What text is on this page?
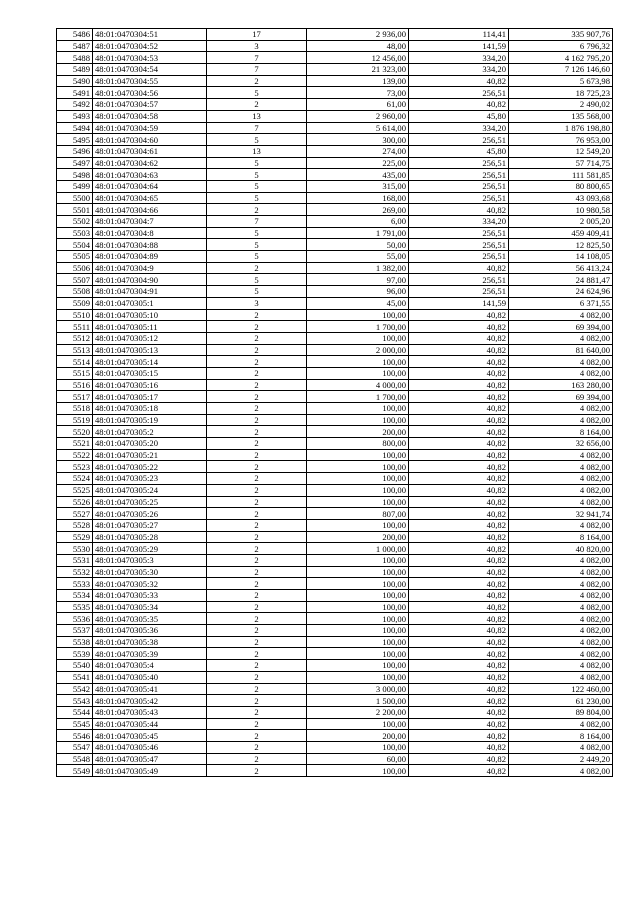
5486	48:01:0470304:51	17	2 936,00	114,41	335 907,76
5487	48:01:0470304:52	3	48,00	141,59	6 796,32
5488	48:01:0470304:53	7	12 456,00	334,20	4 162 795,20
5489	48:01:0470304:54	7	21 323,00	334,20	7 126 146,60
5490	48:01:0470304:55	2	139,00	40,82	5 673,98
5491	48:01:0470304:56	5	73,00	256,51	18 725,23
5492	48:01:0470304:57	2	61,00	40,82	2 490,02
5493	48:01:0470304:58	13	2 960,00	45,80	135 568,00
5494	48:01:0470304:59	7	5 614,00	334,20	1 876 198,80
5495	48:01:0470304:60	5	300,00	256,51	76 953,00
5496	48:01:0470304:61	13	274,00	45,80	12 549,20
5497	48:01:0470304:62	5	225,00	256,51	57 714,75
5498	48:01:0470304:63	5	435,00	256,51	111 581,85
5499	48:01:0470304:64	5	315,00	256,51	80 800,65
5500	48:01:0470304:65	5	168,00	256,51	43 093,68
5501	48:01:0470304:66	2	269,00	40,82	10 980,58
5502	48:01:0470304:7	7	6,00	334,20	2 005,20
5503	48:01:0470304:8	5	1 791,00	256,51	459 409,41
5504	48:01:0470304:88	5	50,00	256,51	12 825,50
5505	48:01:0470304:89	5	55,00	256,51	14 108,05
5506	48:01:0470304:9	2	1 382,00	40,82	56 413,24
5507	48:01:0470304:90	5	97,00	256,51	24 881,47
5508	48:01:0470304:91	5	96,00	256,51	24 624,96
5509	48:01:0470305:1	3	45,00	141,59	6 371,55
5510	48:01:0470305:10	2	100,00	40,82	4 082,00
5511	48:01:0470305:11	2	1 700,00	40,82	69 394,00
5512	48:01:0470305:12	2	100,00	40,82	4 082,00
5513	48:01:0470305:13	2	2 000,00	40,82	81 640,00
5514	48:01:0470305:14	2	100,00	40,82	4 082,00
5515	48:01:0470305:15	2	100,00	40,82	4 082,00
5516	48:01:0470305:16	2	4 000,00	40,82	163 280,00
5517	48:01:0470305:17	2	1 700,00	40,82	69 394,00
5518	48:01:0470305:18	2	100,00	40,82	4 082,00
5519	48:01:0470305:19	2	100,00	40,82	4 082,00
5520	48:01:0470305:2	2	200,00	40,82	8 164,00
5521	48:01:0470305:20	2	800,00	40,82	32 656,00
5522	48:01:0470305:21	2	100,00	40,82	4 082,00
5523	48:01:0470305:22	2	100,00	40,82	4 082,00
5524	48:01:0470305:23	2	100,00	40,82	4 082,00
5525	48:01:0470305:24	2	100,00	40,82	4 082,00
5526	48:01:0470305:25	2	100,00	40,82	4 082,00
5527	48:01:0470305:26	2	807,00	40,82	32 941,74
5528	48:01:0470305:27	2	100,00	40,82	4 082,00
5529	48:01:0470305:28	2	200,00	40,82	8 164,00
5530	48:01:0470305:29	2	1 000,00	40,82	40 820,00
5531	48:01:0470305:3	2	100,00	40,82	4 082,00
5532	48:01:0470305:30	2	100,00	40,82	4 082,00
5533	48:01:0470305:32	2	100,00	40,82	4 082,00
5534	48:01:0470305:33	2	100,00	40,82	4 082,00
5535	48:01:0470305:34	2	100,00	40,82	4 082,00
5536	48:01:0470305:35	2	100,00	40,82	4 082,00
5537	48:01:0470305:36	2	100,00	40,82	4 082,00
5538	48:01:0470305:38	2	100,00	40,82	4 082,00
5539	48:01:0470305:39	2	100,00	40,82	4 082,00
5540	48:01:0470305:4	2	100,00	40,82	4 082,00
5541	48:01:0470305:40	2	100,00	40,82	4 082,00
5542	48:01:0470305:41	2	3 000,00	40,82	122 460,00
5543	48:01:0470305:42	2	1 500,00	40,82	61 230,00
5544	48:01:0470305:43	2	2 200,00	40,82	89 804,00
5545	48:01:0470305:44	2	100,00	40,82	4 082,00
5546	48:01:0470305:45	2	200,00	40,82	8 164,00
5547	48:01:0470305:46	2	100,00	40,82	4 082,00
5548	48:01:0470305:47	2	60,00	40,82	2 449,20
5549	48:01:0470305:49	2	100,00	40,82	4 082,00
